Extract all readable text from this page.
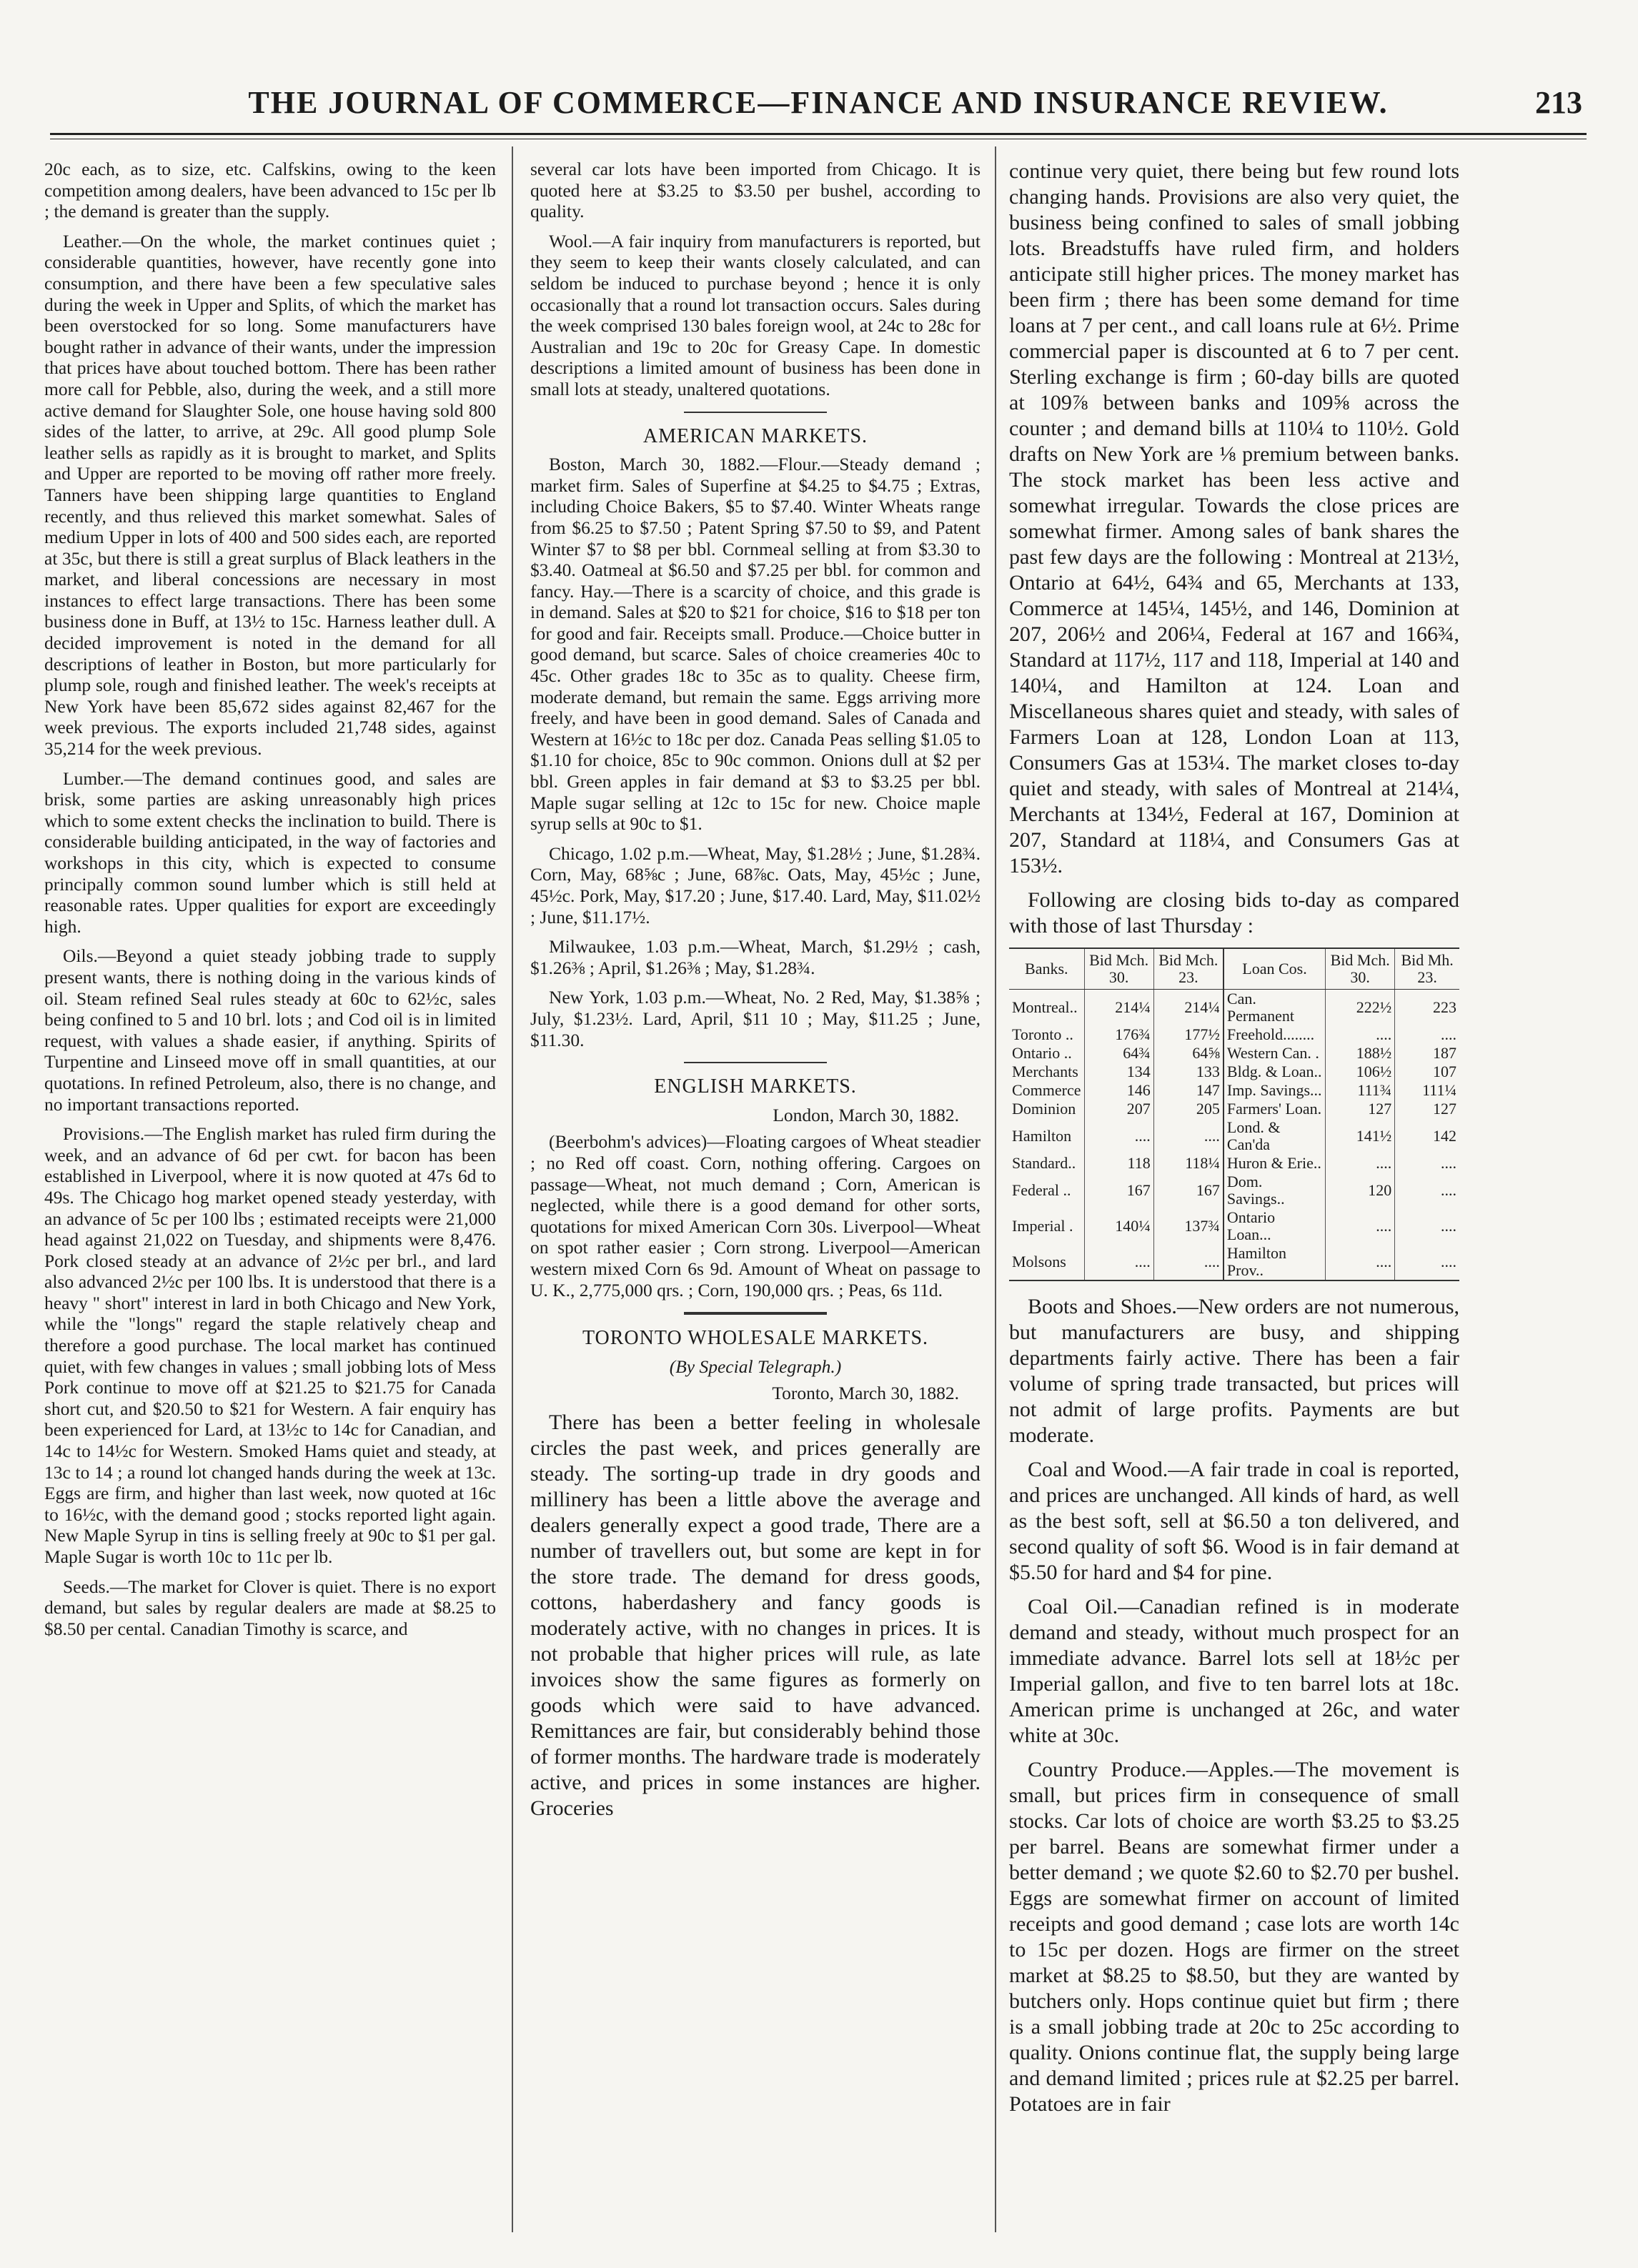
THE JOURNAL OF COMMERCE—FINANCE AND INSURANCE REVIEW.	213

20c each, as to size, etc. Calfskins, owing to the keen competition among dealers, have been advanced to 15c per lb ; the demand is greater than the supply.

Leather.—On the whole, the market continues quiet ; considerable quantities, however, have recently gone into consumption, and there have been a few speculative sales during the week in Upper and Splits, of which the market has been overstocked for so long. Some manufacturers have bought rather in advance of their wants, under the impression that prices have about touched bottom. There has been rather more call for Pebble, also, during the week, and a still more active demand for Slaughter Sole, one house having sold 800 sides of the latter, to arrive, at 29c. All good plump Sole leather sells as rapidly as it is brought to market, and Splits and Upper are reported to be moving off rather more freely. Tanners have been shipping large quantities to England recently, and thus relieved this market somewhat. Sales of medium Upper in lots of 400 and 500 sides each, are reported at 35c, but there is still a great surplus of Black leathers in the market, and liberal concessions are necessary in most instances to effect large transactions. There has been some business done in Buff, at 13½ to 15c. Harness leather dull. A decided improvement is noted in the demand for all descriptions of leather in Boston, but more particularly for plump sole, rough and finished leather. The week's receipts at New York have been 85,672 sides against 82,467 for the week previous. The exports included 21,748 sides, against 35,214 for the week previous.

Lumber.—The demand continues good, and sales are brisk, some parties are asking unreasonably high prices which to some extent checks the inclination to build. There is considerable building anticipated, in the way of factories and workshops in this city, which is expected to consume principally common sound lumber which is still held at reasonable rates. Upper qualities for export are exceedingly high.

Oils.—Beyond a quiet steady jobbing trade to supply present wants, there is nothing doing in the various kinds of oil. Steam refined Seal rules steady at 60c to 62½c, sales being confined to 5 and 10 brl. lots ; and Cod oil is in limited request, with values a shade easier, if anything. Spirits of Turpentine and Linseed move off in small quantities, at our quotations. In refined Petroleum, also, there is no change, and no important transactions reported.

Provisions.—The English market has ruled firm during the week, and an advance of 6d per cwt. for bacon has been established in Liverpool, where it is now quoted at 47s 6d to 49s. The Chicago hog market opened steady yesterday, with an advance of 5c per 100 lbs ; estimated receipts were 21,000 head against 21,022 on Tuesday, and shipments were 8,476. Pork closed steady at an advance of 2½c per brl., and lard also advanced 2½c per 100 lbs. It is understood that there is a heavy " short" interest in lard in both Chicago and New York, while the "longs" regard the staple relatively cheap and therefore a good purchase. The local market has continued quiet, with few changes in values ; small jobbing lots of Mess Pork continue to move off at $21.25 to $21.75 for Canada short cut, and $20.50 to $21 for Western. A fair enquiry has been experienced for Lard, at 13½c to 14c for Canadian, and 14c to 14½c for Western. Smoked Hams quiet and steady, at 13c to 14 ; a round lot changed hands during the week at 13c. Eggs are firm, and higher than last week, now quoted at 16c to 16½c, with the demand good ; stocks reported light again. New Maple Syrup in tins is selling freely at 90c to $1 per gal. Maple Sugar is worth 10c to 11c per lb.

Seeds.—The market for Clover is quiet. There is no export demand, but sales by regular dealers are made at $8.25 to $8.50 per cental. Canadian Timothy is scarce, and

several car lots have been imported from Chicago. It is quoted here at $3.25 to $3.50 per bushel, according to quality.

Wool.—A fair inquiry from manufacturers is reported, but they seem to keep their wants closely calculated, and can seldom be induced to purchase beyond ; hence it is only occasionally that a round lot transaction occurs. Sales during the week comprised 130 bales foreign wool, at 24c to 28c for Australian and 19c to 20c for Greasy Cape. In domestic descriptions a limited amount of business has been done in small lots at steady, unaltered quotations.

AMERICAN MARKETS.

Boston, March 30, 1882.—Flour.—Steady demand ; market firm. Sales of Superfine at $4.25 to $4.75 ; Extras, including Choice Bakers, $5 to $7.40. Winter Wheats range from $6.25 to $7.50 ; Patent Spring $7.50 to $9, and Patent Winter $7 to $8 per bbl. Cornmeal selling at from $3.30 to $3.40. Oatmeal at $6.50 and $7.25 per bbl. for common and fancy. Hay.—There is a scarcity of choice, and this grade is in demand. Sales at $20 to $21 for choice, $16 to $18 per ton for good and fair. Receipts small. Produce.—Choice butter in good demand, but scarce. Sales of choice creameries 40c to 45c. Other grades 18c to 35c as to quality. Cheese firm, moderate demand, but remain the same. Eggs arriving more freely, and have been in good demand. Sales of Canada and Western at 16½c to 18c per doz. Canada Peas selling $1.05 to $1.10 for choice, 85c to 90c common. Onions dull at $2 per bbl. Green apples in fair demand at $3 to $3.25 per bbl. Maple sugar selling at 12c to 15c for new. Choice maple syrup sells at 90c to $1.

Chicago, 1.02 p.m.—Wheat, May, $1.28½ ; June, $1.28¾. Corn, May, 68⅝c ; June, 68⅞c. Oats, May, 45½c ; June, 45½c. Pork, May, $17.20 ; June, $17.40. Lard, May, $11.02½ ; June, $11.17½.

Milwaukee, 1.03 p.m.—Wheat, March, $1.29½ ; cash, $1.26⅜ ; April, $1.26⅜ ; May, $1.28¾.

New York, 1.03 p.m.—Wheat, No. 2 Red, May, $1.38⅝ ; July, $1.23½. Lard, April, $11 10 ; May, $11.25 ; June, $11.30.

ENGLISH MARKETS.
London, March 30, 1882.

(Beerbohm's advices)—Floating cargoes of Wheat steadier ; no Red off coast. Corn, nothing offering. Cargoes on passage—Wheat, not much demand ; Corn, American is neglected, while there is a good demand for other sorts, quotations for mixed American Corn 30s. Liverpool—Wheat on spot rather easier ; Corn strong. Liverpool—American western mixed Corn 6s 9d. Amount of Wheat on passage to U. K., 2,775,000 qrs. ; Corn, 190,000 qrs. ; Peas, 6s 11d.

TORONTO WHOLESALE MARKETS.
(By Special Telegraph.)
Toronto, March 30, 1882.

There has been a better feeling in wholesale circles the past week, and prices generally are steady. The sorting-up trade in dry goods and millinery has been a little above the average and dealers generally expect a good trade, There are a number of travellers out, but some are kept in for the store trade. The demand for dress goods, cottons, haberdashery and fancy goods is moderately active, with no changes in prices. It is not probable that higher prices will rule, as late invoices show the same figures as formerly on goods which were said to have advanced. Remittances are fair, but considerably behind those of former months. The hardware trade is moderately active, and prices in some instances are higher. Groceries

continue very quiet, there being but few round lots changing hands. Provisions are also very quiet, the business being confined to sales of small jobbing lots. Breadstuffs have ruled firm, and holders anticipate still higher prices. The money market has been firm ; there has been some demand for time loans at 7 per cent., and call loans rule at 6½. Prime commercial paper is discounted at 6 to 7 per cent. Sterling exchange is firm ; 60-day bills are quoted at 109⅞ between banks and 109⅝ across the counter ; and demand bills at 110¼ to 110½. Gold drafts on New York are ⅛ premium between banks. The stock market has been less active and somewhat irregular. Towards the close prices are somewhat firmer. Among sales of bank shares the past few days are the following : Montreal at 213½, Ontario at 64½, 64¾ and 65, Merchants at 133, Commerce at 145¼, 145½, and 146, Dominion at 207, 206½ and 206¼, Federal at 167 and 166¾, Standard at 117½, 117 and 118, Imperial at 140 and 140¼, and Hamilton at 124. Loan and Miscellaneous shares quiet and steady, with sales of Farmers Loan at 128, London Loan at 113, Consumers Gas at 153¼. The market closes to-day quiet and steady, with sales of Montreal at 214¼, Merchants at 134½, Federal at 167, Dominion at 207, Standard at 118¼, and Consumers Gas at 153½.

Following are closing bids to-day as compared with those of last Thursday :

Banks.	Bid Mch. 30.	Bid Mch. 23.	Loan Cos.	Bid Mch. 30.	Bid Mh. 23.
Montreal..	214¼	214¼	Can. Permanent	222½	223
Toronto ..	176¾	177½	Freehold........	....	....
Ontario ..	64¾	64⅝	Western Can. .	188½	187
Merchants	134	133	Bldg. & Loan..	106½	107
Commerce	146	147	Imp. Savings...	111¾	111¼
Dominion	207	205	Farmers' Loan.	127	127
Hamilton	....	....	Lond. & Can'da	141½	142
Standard..	118	118¼	Huron & Erie..	....	....
Federal ..	167	167	Dom. Savings..	120	....
Imperial .	140¼	137¾	Ontario Loan...	....	....
Molsons	....	....	Hamilton Prov..	....	....

Boots and Shoes.—New orders are not numerous, but manufacturers are busy, and shipping departments fairly active. There has been a fair volume of spring trade transacted, but prices will not admit of large profits. Payments are but moderate.

Coal and Wood.—A fair trade in coal is reported, and prices are unchanged. All kinds of hard, as well as the best soft, sell at $6.50 a ton delivered, and second quality of soft $6. Wood is in fair demand at $5.50 for hard and $4 for pine.

Coal Oil.—Canadian refined is in moderate demand and steady, without much prospect for an immediate advance. Barrel lots sell at 18½c per Imperial gallon, and five to ten barrel lots at 18c. American prime is unchanged at 26c, and water white at 30c.

Country Produce.—Apples.—The movement is small, but prices firm in consequence of small stocks. Car lots of choice are worth $3.25 to $3.25 per barrel. Beans are somewhat firmer under a better demand ; we quote $2.60 to $2.70 per bushel. Eggs are somewhat firmer on account of limited receipts and good demand ; case lots are worth 14c to 15c per dozen. Hogs are firmer on the street market at $8.25 to $8.50, but they are wanted by butchers only. Hops continue quiet but firm ; there is a small jobbing trade at 20c to 25c according to quality. Onions continue flat, the supply being large and demand limited ; prices rule at $2.25 per barrel. Potatoes are in fair
